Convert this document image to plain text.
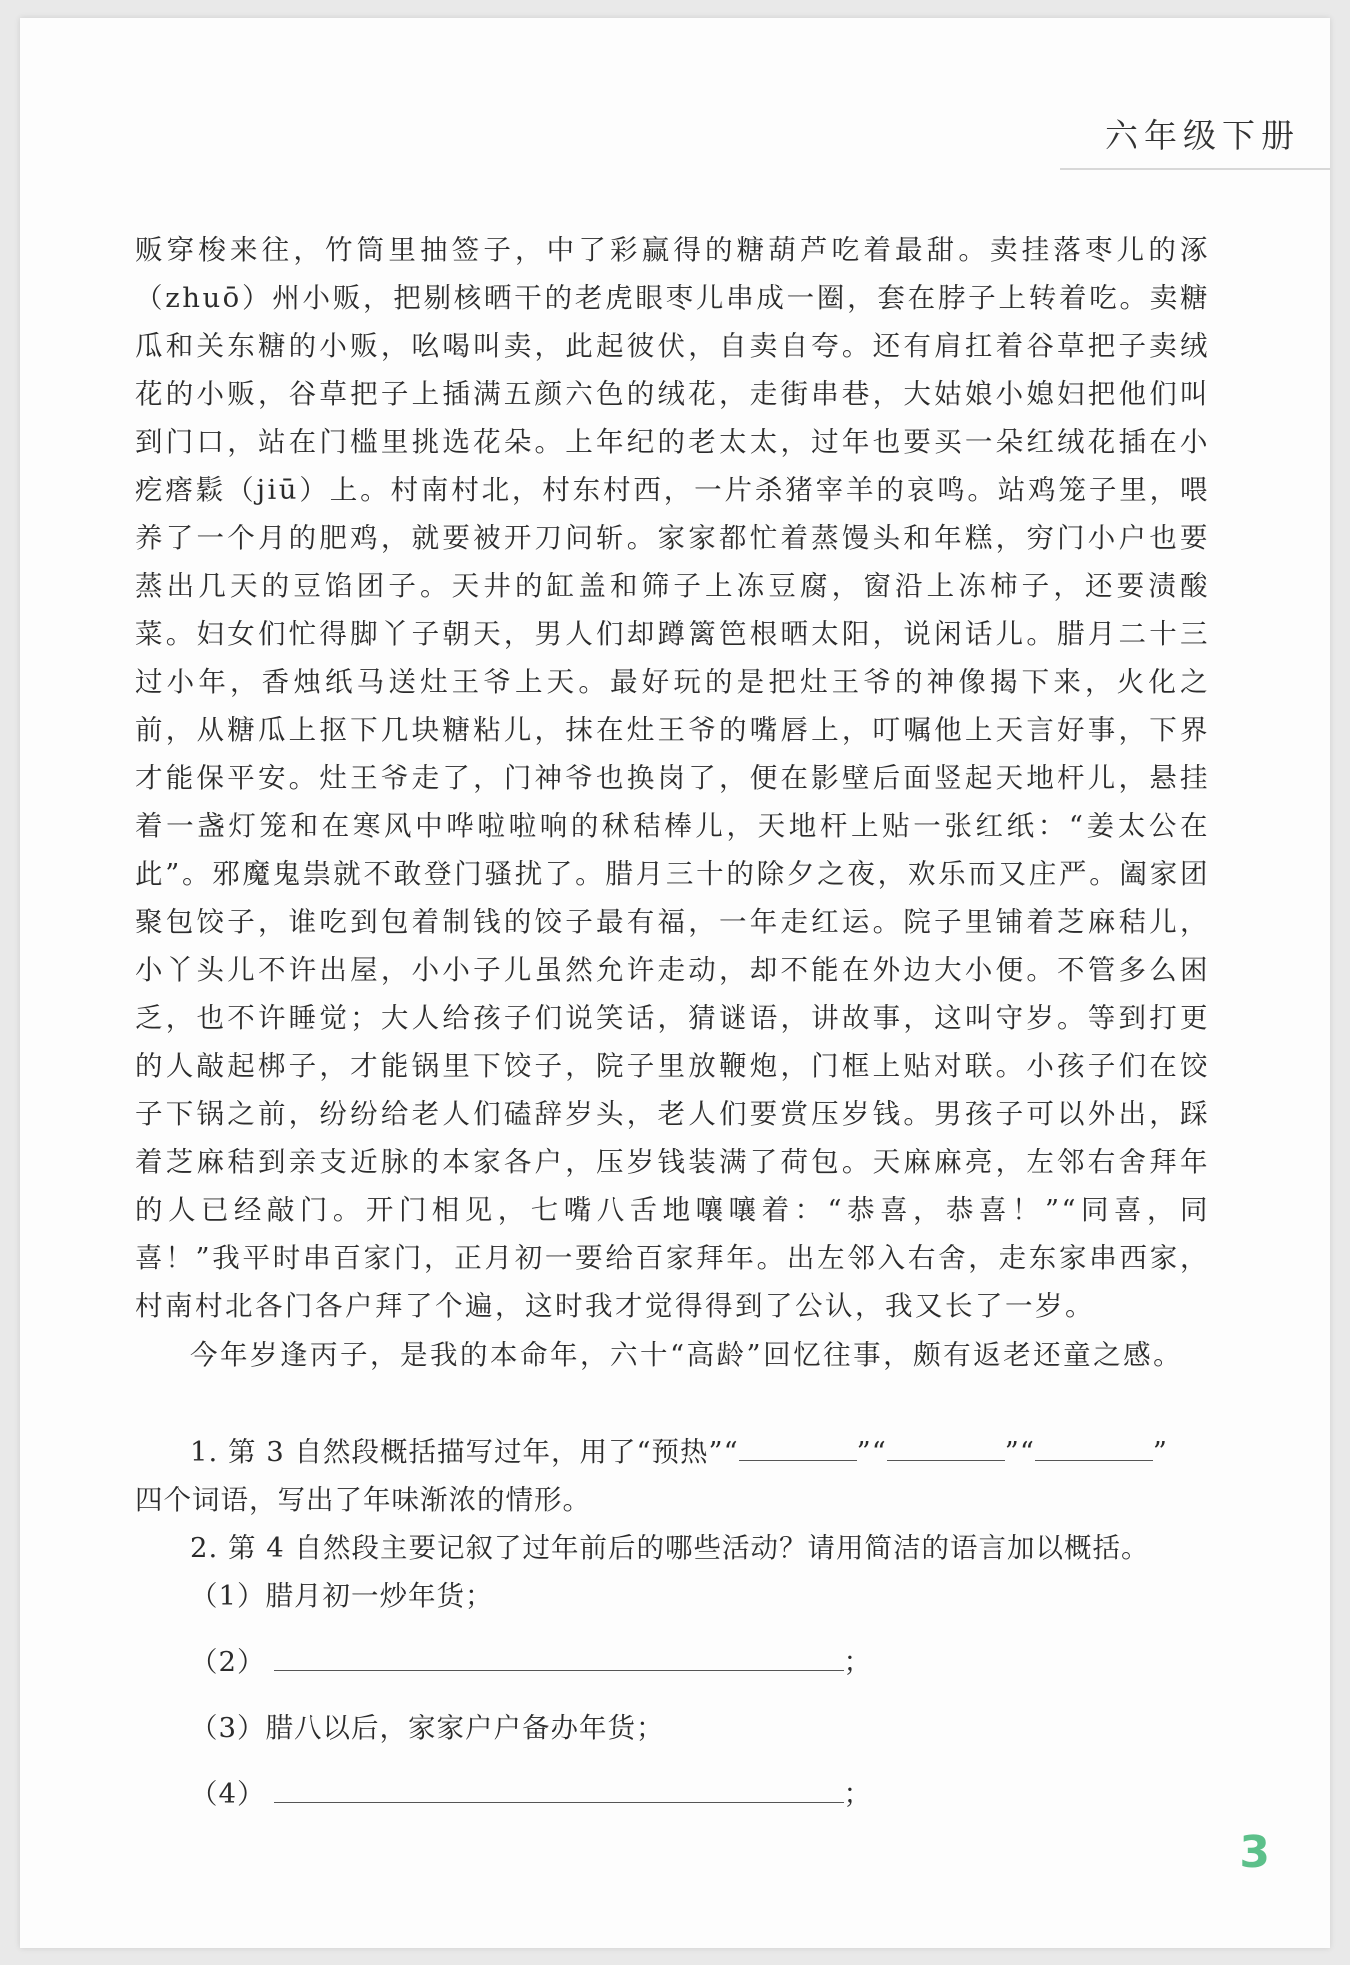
六年级下册

贩穿梭来往，竹筒里抽签子，中了彩赢得的糖葫芦吃着最甜。卖挂落枣儿的涿（zhuō）州小贩，把剔核晒干的老虎眼枣儿串成一圈，套在脖子上转着吃。卖糖瓜和关东糖的小贩，吆喝叫卖，此起彼伏，自卖自夸。还有肩扛着谷草把子卖绒花的小贩，谷草把子上插满五颜六色的绒花，走街串巷，大姑娘小媳妇把他们叫到门口，站在门槛里挑选花朵。上年纪的老太太，过年也要买一朵红绒花插在小疙瘩鬏（jiū）上。村南村北，村东村西，一片杀猪宰羊的哀鸣。站鸡笼子里，喂养了一个月的肥鸡，就要被开刀问斩。家家都忙着蒸馒头和年糕，穷门小户也要蒸出几天的豆馅团子。天井的缸盖和筛子上冻豆腐，窗沿上冻柿子，还要渍酸菜。妇女们忙得脚丫子朝天，男人们却蹲篱笆根晒太阳，说闲话儿。腊月二十三过小年，香烛纸马送灶王爷上天。最好玩的是把灶王爷的神像揭下来，火化之前，从糖瓜上抠下几块糖粘儿，抹在灶王爷的嘴唇上，叮嘱他上天言好事，下界才能保平安。灶王爷走了，门神爷也换岗了，便在影壁后面竖起天地杆儿，悬挂着一盏灯笼和在寒风中哗啦啦响的秫秸棒儿，天地杆上贴一张红纸：“姜太公在此”。邪魔鬼祟就不敢登门骚扰了。腊月三十的除夕之夜，欢乐而又庄严。阖家团聚包饺子，谁吃到包着制钱的饺子最有福，一年走红运。院子里铺着芝麻秸儿，小丫头儿不许出屋，小小子儿虽然允许走动，却不能在外边大小便。不管多么困乏，也不许睡觉；大人给孩子们说笑话，猜谜语，讲故事，这叫守岁。等到打更的人敲起梆子，才能锅里下饺子，院子里放鞭炮，门框上贴对联。小孩子们在饺子下锅之前，纷纷给老人们磕辞岁头，老人们要赏压岁钱。男孩子可以外出，踩着芝麻秸到亲支近脉的本家各户，压岁钱装满了荷包。天麻麻亮，左邻右舍拜年的人已经敲门。开门相见，七嘴八舌地嚷嚷着：“恭喜，恭喜！”“同喜，同喜！”我平时串百家门，正月初一要给百家拜年。出左邻入右舍，走东家串西家，村南村北各门各户拜了个遍，这时我才觉得得到了公认，我又长了一岁。

今年岁逢丙子，是我的本命年，六十“高龄”回忆往事，颇有返老还童之感。

1. 第 3 自然段概括描写过年，用了“预热”“	”“	”“	”

四个词语，写出了年味渐浓的情形。

2. 第 4 自然段主要记叙了过年前后的哪些活动？请用简洁的语言加以概括。

（1）腊月初一炒年货；

（2）	；

（3）腊八以后，家家户户备办年货；

（4）	；

3
